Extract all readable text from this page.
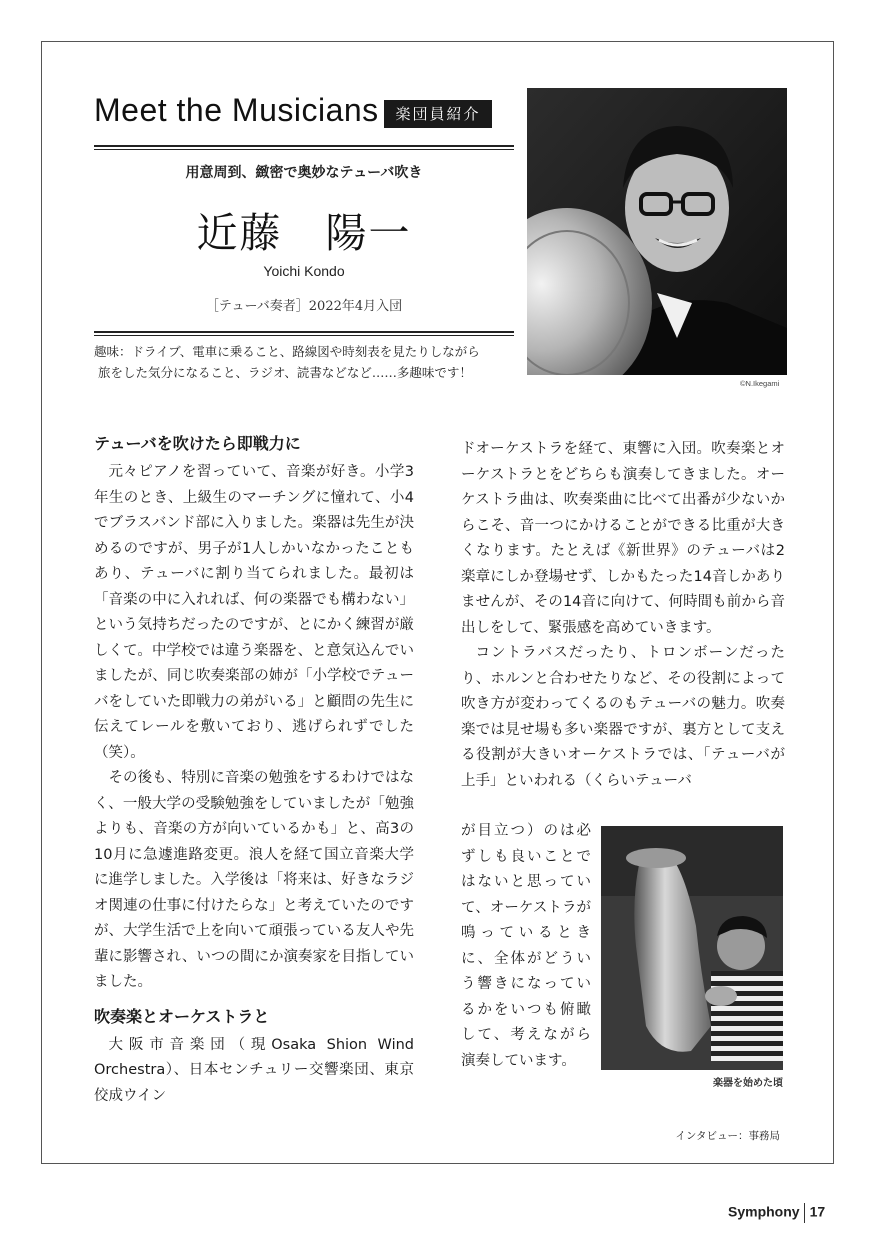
Meet the Musicians	楽団員紹介
用意周到、緻密で奥妙なテューバ吹き
近藤　陽一
Yoichi Kondo
［テューバ奏者］2022年4月入団
趣味：ドライブ、電車に乗ること、路線図や時刻表を見たりしながら
旅をした気分になること、ラジオ、読書などなど……多趣味です！
©N.Ikegami
テューバを吹けたら即戦力に

元々ピアノを習っていて、音楽が好き。小学3年生のとき、上級生のマーチングに憧れて、小4でブラスバンド部に入りました。楽器は先生が決めるのですが、男子が1人しかいなかったこともあり、テューバに割り当てられました。最初は「音楽の中に入れれば、何の楽器でも構わない」という気持ちだったのですが、とにかく練習が厳しくて。中学校では違う楽器を、と意気込んでいましたが、同じ吹奏楽部の姉が「小学校でテューバをしていた即戦力の弟がいる」と顧問の先生に伝えてレールを敷いており、逃げられずでした（笑）。

その後も、特別に音楽の勉強をするわけではなく、一般大学の受験勉強をしていましたが「勉強よりも、音楽の方が向いているかも」と、高3の10月に急遽進路変更。浪人を経て国立音楽大学に進学しました。入学後は「将来は、好きなラジオ関連の仕事に付けたらな」と考えていたのですが、大学生活で上を向いて頑張っている友人や先輩に影響され、いつの間にか演奏家を目指していました。

吹奏楽とオーケストラと

大阪市音楽団（現Osaka Shion Wind Orchestra）、日本センチュリー交響楽団、東京佼成ウイン

ドオーケストラを経て、東響に入団。吹奏楽とオーケストラとをどちらも演奏してきました。オーケストラ曲は、吹奏楽曲に比べて出番が少ないからこそ、音一つにかけることができる比重が大きくなります。たとえば《新世界》のテューバは2楽章にしか登場せず、しかもたった14音しかありませんが、その14音に向けて、何時間も前から音出しをして、緊張感を高めていきます。

コントラバスだったり、トロンボーンだったり、ホルンと合わせたりなど、その役割によって吹き方が変わってくるのもテューバの魅力。吹奏楽では見せ場も多い楽器ですが、裏方として支える役割が大きいオーケストラでは、「テューバが上手」といわれる（くらいテューバ

が目立つ）のは必ずしも良いことではないと思っていて、オーケストラが鳴っているときに、全体がどういう響きになっているかをいつも俯瞰して、考えながら演奏しています。
楽器を始めた頃
インタビュー：事務局
Symphony 17
